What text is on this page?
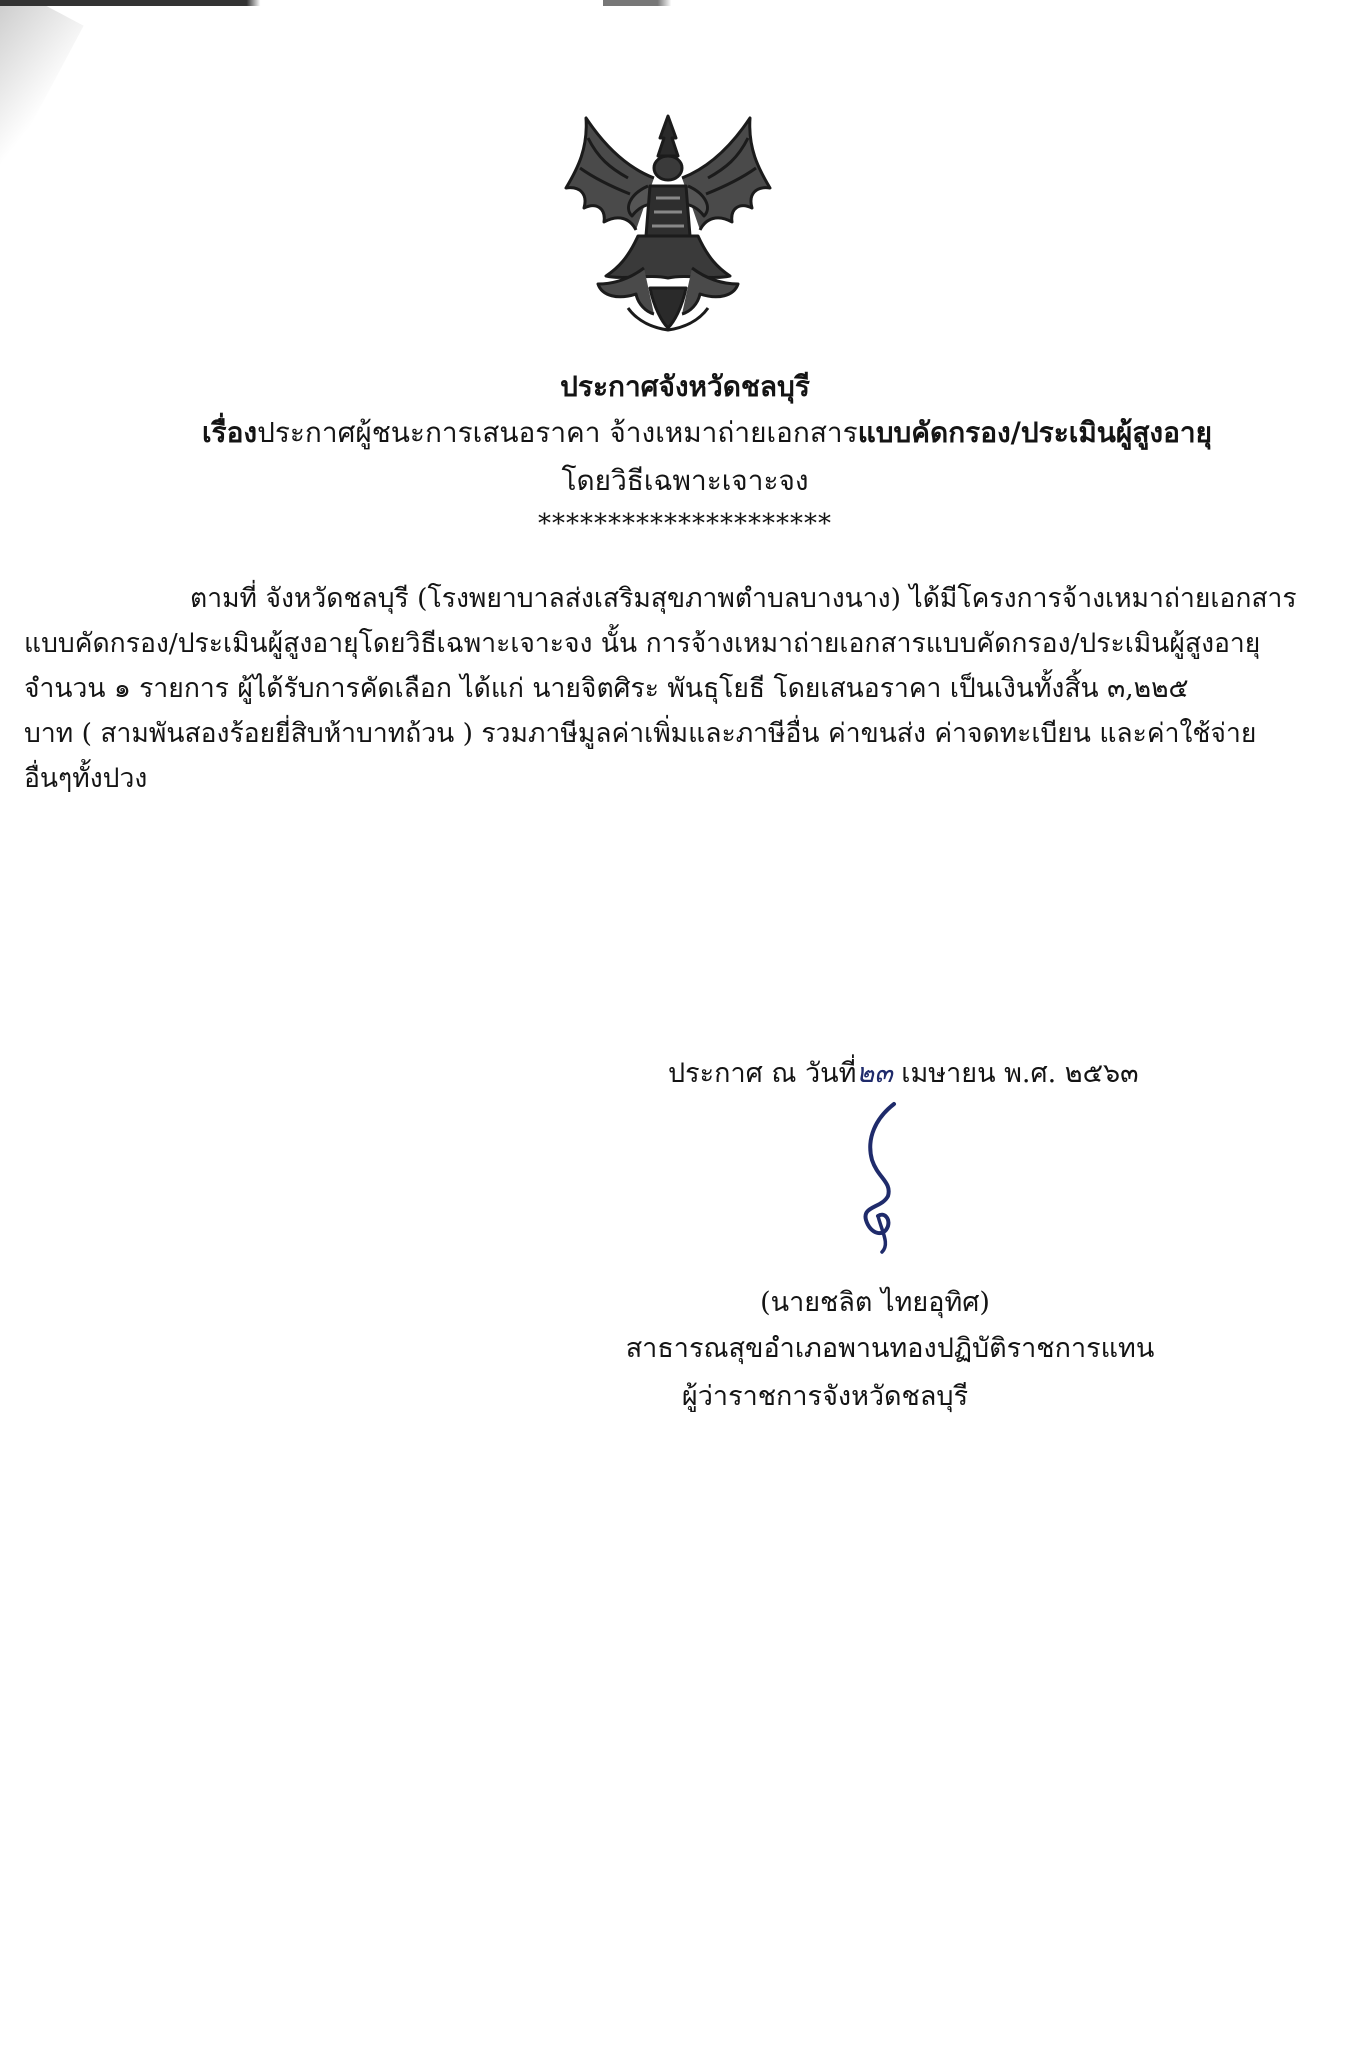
ประกาศจังหวัดชลบุรี
เรื่องประกาศผู้ชนะการเสนอราคา จ้างเหมาถ่ายเอกสารแบบคัดกรอง/ประเมินผู้สูงอายุ
โดยวิธีเฉพาะเจาะจง
*********************
ตามที่ จังหวัดชลบุรี (โรงพยาบาลส่งเสริมสุขภาพตำบลบางนาง) ได้มีโครงการจ้างเหมาถ่ายเอกสาร
แบบคัดกรอง/ประเมินผู้สูงอายุโดยวิธีเฉพาะเจาะจง นั้น การจ้างเหมาถ่ายเอกสารแบบคัดกรอง/ประเมินผู้สูงอายุ
จำนวน ๑ รายการ ผู้ได้รับการคัดเลือก ได้แก่ นายจิตศิระ พันธุโยธี โดยเสนอราคา เป็นเงินทั้งสิ้น ๓,๒๒๕
บาท ( สามพันสองร้อยยี่สิบห้าบาทถ้วน ) รวมภาษีมูลค่าเพิ่มและภาษีอื่น ค่าขนส่ง ค่าจดทะเบียน และค่าใช้จ่าย
อื่นๆทั้งปวง
ประกาศ ณ วันที่๒๓ เมษายน พ.ศ. ๒๕๖๓
(นายชลิต ไทยอุทิศ)
สาธารณสุขอำเภอพานทองปฏิบัติราชการแทน
ผู้ว่าราชการจังหวัดชลบุรี
